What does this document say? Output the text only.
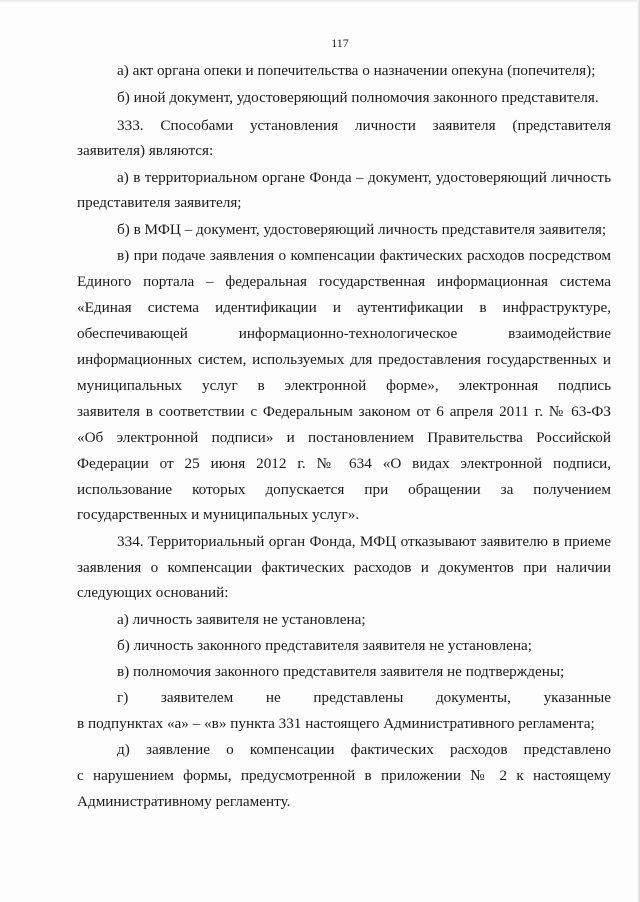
117
а) акт органа опеки и попечительства о назначении опекуна (попечителя);
б) иной документ, удостоверяющий полномочия законного представителя.
333. Способами установления личности заявителя (представителя
заявителя) являются:
а) в территориальном органе Фонда – документ, удостоверяющий личность
представителя заявителя;
б) в МФЦ – документ, удостоверяющий личность представителя заявителя;
в) при подаче заявления о компенсации фактических расходов посредством
Единого портала – федеральная государственная информационная система
«Единая система идентификации и аутентификации в инфраструктуре,
обеспечивающей информационно-технологическое взаимодействие
информационных систем, используемых для предоставления государственных и
муниципальных услуг в электронной форме», электронная подпись
заявителя в соответствии с Федеральным законом от 6 апреля 2011 г. № 63-ФЗ
«Об электронной подписи» и постановлением Правительства Российской
Федерации от 25 июня 2012 г. № 634 «О видах электронной подписи,
использование которых допускается при обращении за получением
государственных и муниципальных услуг».
334. Территориальный орган Фонда, МФЦ отказывают заявителю в приеме
заявления о компенсации фактических расходов и документов при наличии
следующих оснований:
а) личность заявителя не установлена;
б) личность законного представителя заявителя не установлена;
в) полномочия законного представителя заявителя не подтверждены;
г) заявителем не представлены документы, указанные
в подпунктах «а» – «в» пункта 331 настоящего Административного регламента;
д) заявление о компенсации фактических расходов представлено
с нарушением формы, предусмотренной в приложении № 2 к настоящему
Административному регламенту.
